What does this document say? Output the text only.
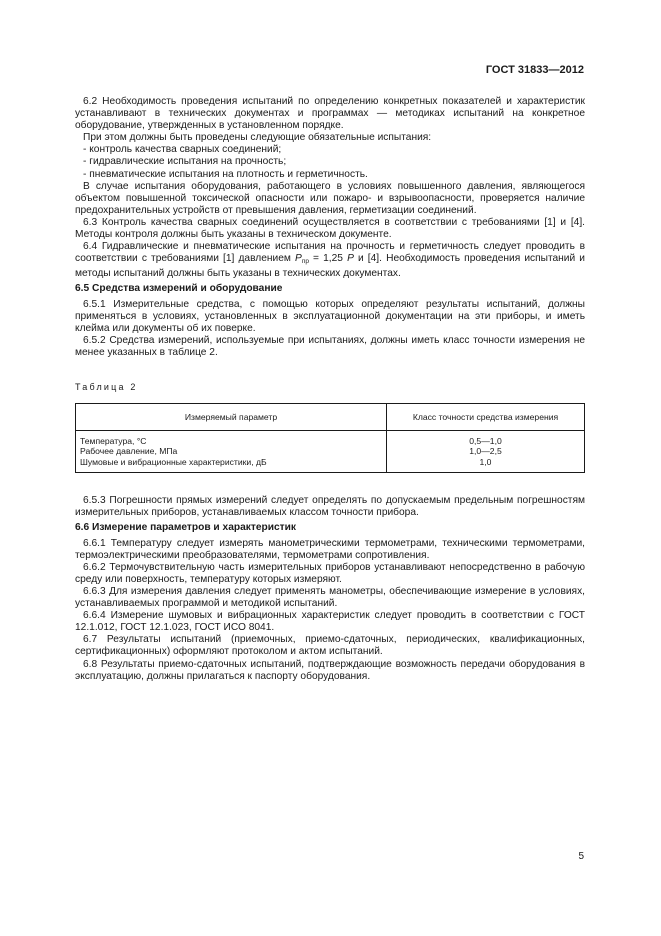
ГОСТ 31833—2012

6.2 Необходимость проведения испытаний по определению конкретных показателей и характеристик устанавливают в технических документах и программах — методиках испытаний на конкретное оборудование, утвержденных в установленном порядке.

При этом должны быть проведены следующие обязательные испытания:

- контроль качества сварных соединений;

- гидравлические испытания на прочность;

- пневматические испытания на плотность и герметичность.

В случае испытания оборудования, работающего в условиях повышенного давления, являющегося объектом повышенной токсической опасности или пожаро- и взрывоопасности, проверяется наличие предохранительных устройств от превышения давления, герметизации соединений.

6.3 Контроль качества сварных соединений осуществляется в соответствии с требованиями [1] и [4]. Методы контроля должны быть указаны в техническом документе.

6.4 Гидравлические и пневматические испытания на прочность и герметичность следует проводить в соответствии с требованиями [1] давлением $Р_{пр} = 1,25$ Р и [4]. Необходимость проведения испытаний и методы испытаний должны быть указаны в технических документах.

6.5 Средства измерений и оборудование

6.5.1 Измерительные средства, с помощью которых определяют результаты испытаний, должны применяться в условиях, установленных в эксплуатационной документации на эти приборы, и иметь клейма или документы об их поверке.

6.5.2 Средства измерений, используемые при испытаниях, должны иметь класс точности измерения не менее указанных в таблице 2.

Таблица 2

Измеряемый параметр	Класс точности средства измерения
Температура, °С	0,5—1,0
Рабочее давление, МПа	1,0—2,5
Шумовые и вибрационные характеристики, дБ	1,0

6.5.3 Погрешности прямых измерений следует определять по допускаемым предельным погрешностям измерительных приборов, устанавливаемых классом точности прибора.

6.6 Измерение параметров и характеристик

6.6.1 Температуру следует измерять манометрическими термометрами, техническими термометрами, термоэлектрическими преобразователями, термометрами сопротивления.

6.6.2 Термочувствительную часть измерительных приборов устанавливают непосредственно в рабочую среду или поверхность, температуру которых измеряют.

6.6.3 Для измерения давления следует применять манометры, обеспечивающие измерение в условиях, устанавливаемых программой и методикой испытаний.

6.6.4 Измерение шумовых и вибрационных характеристик следует проводить в соответствии с ГОСТ 12.1.012, ГОСТ 12.1.023, ГОСТ ИСО 8041.

6.7 Результаты испытаний (приемочных, приемо-сдаточных, периодических, квалификационных, сертификационных) оформляют протоколом и актом испытаний.

6.8 Результаты приемо-сдаточных испытаний, подтверждающие возможность передачи оборудования в эксплуатацию, должны прилагаться к паспорту оборудования.

5
